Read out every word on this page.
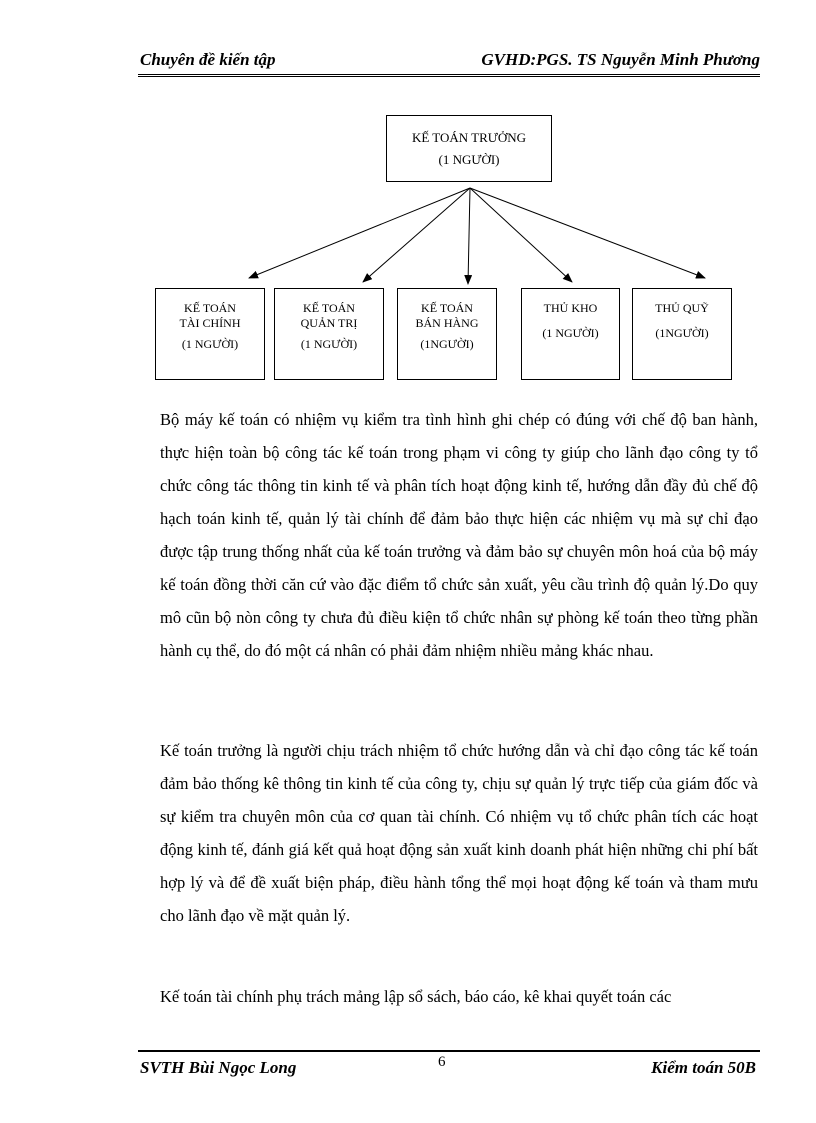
Chuyên đề kiến tập	GVHD:PGS. TS Nguyễn Minh Phương
KẾ TOÁN TRƯỞNG
(1 NGƯỜI)
KẾ TOÁN
TÀI CHÍNH
(1 NGƯỜI)
KẾ TOÁN
QUẢN TRỊ
(1 NGƯỜI)
KẾ TOÁN
BÁN HÀNG
(1NGƯỜI)
THỦ KHO
(1 NGƯỜI)
THỦ QUỸ
(1NGƯỜI)

Bộ máy kế toán có nhiệm vụ kiểm tra tình hình ghi chép có đúng với chế độ ban hành, thực hiện toàn bộ công tác kế toán trong phạm vi công ty giúp cho lãnh đạo công ty tổ chức công tác thông tin kinh tế và phân tích hoạt động kinh tế, hướng dẫn đầy đủ chế độ hạch toán kinh tế, quản lý tài chính để đảm bảo thực hiện các nhiệm vụ mà sự chỉ đạo được tập trung thống nhất của kế toán trưởng và đảm bảo sự chuyên môn hoá của bộ máy kế toán đồng thời căn cứ vào đặc điểm tổ chức sản xuất, yêu cầu trình độ quản lý.Do quy mô cũn bộ nòn công ty chưa đủ điều kiện tổ chức nhân sự phòng kế toán theo từng phần hành cụ thể, do đó một cá nhân có phải đảm nhiệm nhiều mảng khác nhau.

Kế toán trưởng là người chịu trách nhiệm tổ chức hướng dẫn và chỉ đạo công tác kế toán đảm bảo thống kê thông tin kinh tế của công ty, chịu sự quản lý trực tiếp của giám đốc và sự kiểm tra chuyên môn của cơ quan tài chính. Có nhiệm vụ tổ chức phân tích các hoạt động kinh tế, đánh giá kết quả hoạt động sản xuất kinh doanh phát hiện những chi phí bất hợp lý và để đề xuất biện pháp, điều hành tổng thể mọi hoạt động kế toán và tham mưu cho lãnh đạo về mặt quản lý.

Kế toán tài chính phụ trách mảng lập sổ sách, báo cáo, kê khai quyết toán các

SVTH Bùi Ngọc Long	6	Kiểm toán 50B
